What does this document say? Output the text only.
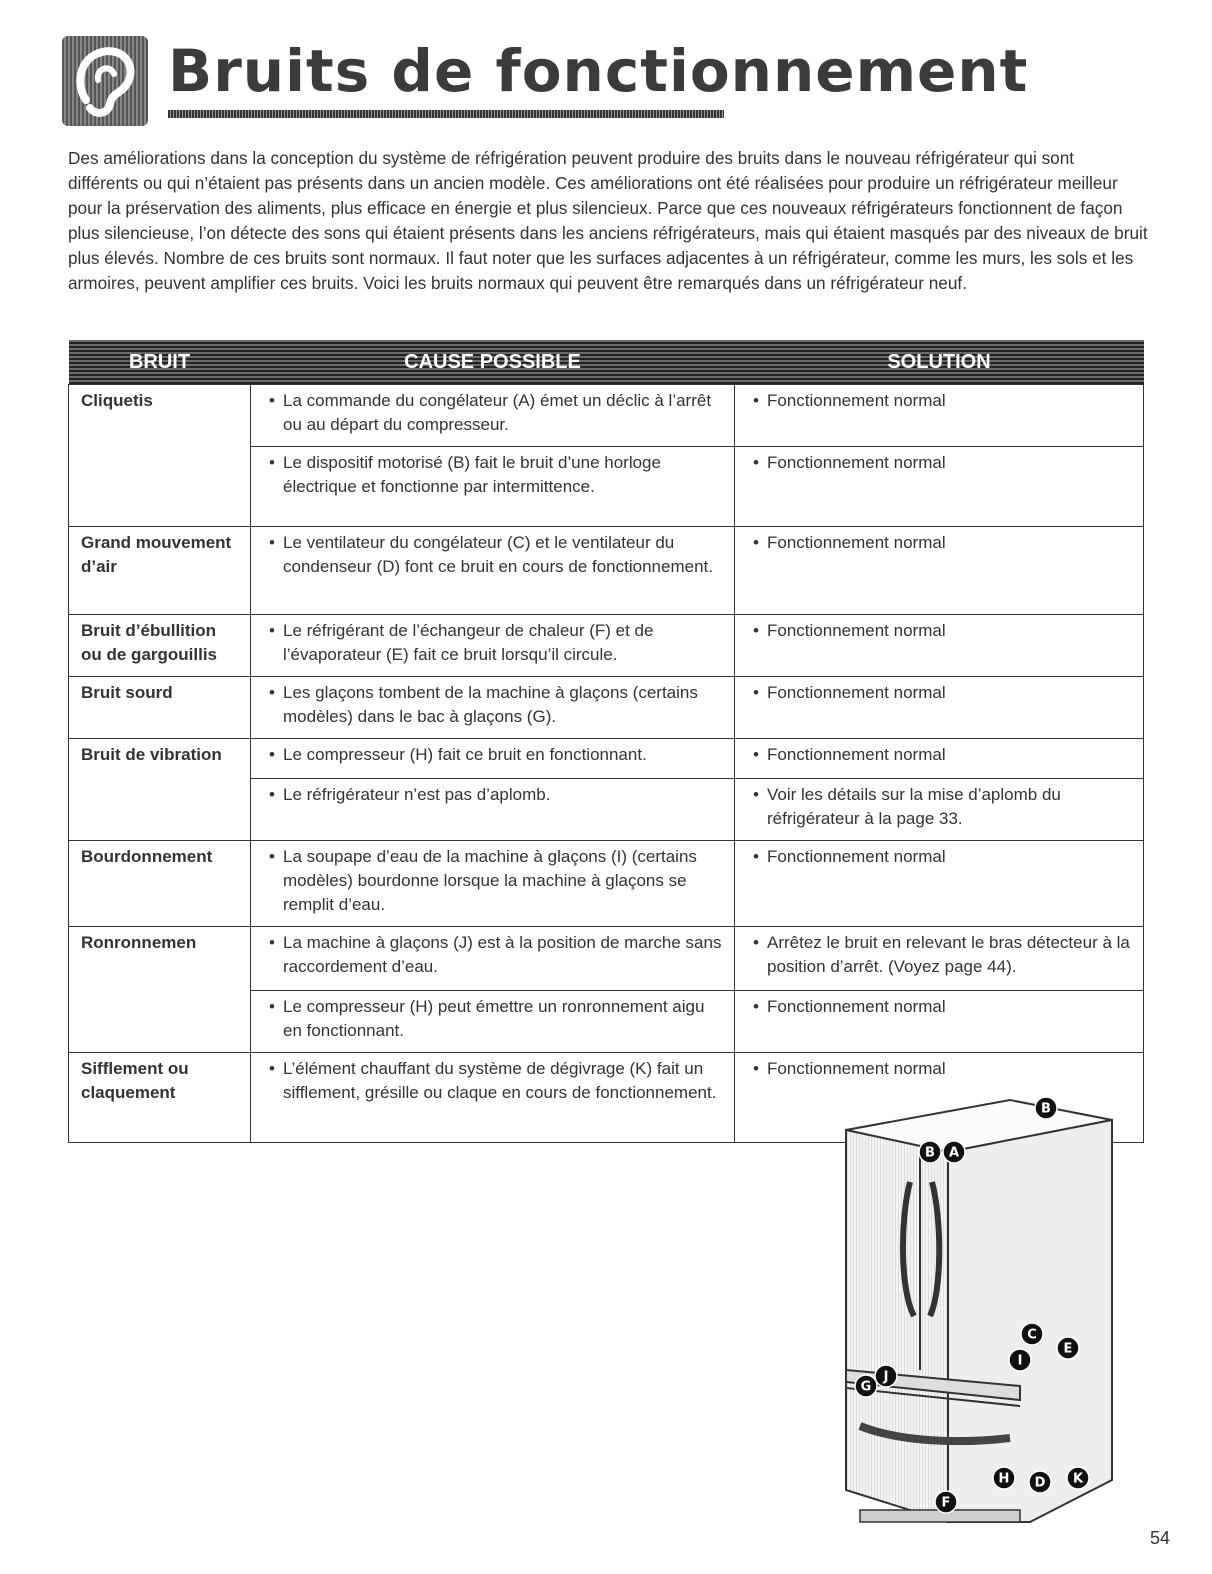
Bruits de fonctionnement

Des améliorations dans la conception du système de réfrigération peuvent produire des bruits dans le nouveau réfrigérateur qui sont différents ou qui n’étaient pas présents dans un ancien modèle. Ces améliorations ont été réalisées pour produire un réfrigérateur meilleur pour la préservation des aliments, plus efficace en énergie et plus silencieux. Parce que ces nouveaux réfrigérateurs fonctionnent de façon plus silencieuse, l’on détecte des sons qui étaient présents dans les anciens réfrigérateurs, mais qui étaient masqués par des niveaux de bruit plus élevés. Nombre de ces bruits sont normaux. Il faut noter que les surfaces adjacentes à un réfrigérateur, comme les murs, les sols et les armoires, peuvent amplifier ces bruits. Voici les bruits normaux qui peuvent être remarqués dans un réfrigérateur neuf.

BRUIT	CAUSE POSSIBLE	SOLUTION
Cliquetis	• La commande du congélateur (A) émet un déclic à l’arrêt ou au départ du compresseur.	• Fonctionnement normal

	• Le dispositif motorisé (B) fait le bruit d’une horloge électrique et fonctionne par intermittence.	• Fonctionnement normal

Grand mouvement d’air	• Le ventilateur du congélateur (C) et le ventilateur du condenseur (D) font ce bruit en cours de fonctionnement.	• Fonctionnement normal

Bruit d’ébullition ou de gargouillis	• Le réfrigérant de l’échangeur de chaleur (F) et de l’évaporateur (E) fait ce bruit lorsqu’il circule.	• Fonctionnement normal

Bruit sourd	• Les glaçons tombent de la machine à glaçons (certains modèles) dans le bac à glaçons (G).	• Fonctionnement normal

Bruit de vibration	• Le compresseur (H) fait ce bruit en fonctionnant.	• Fonctionnement normal

	• Le réfrigérateur n’est pas d’aplomb.	• Voir les détails sur la mise d’aplomb du réfrigérateur à la page 33.

Bourdonnement	• La soupape d’eau de la machine à glaçons (I) (certains modèles) bourdonne lorsque la machine à glaçons se remplit d’eau.	• Fonctionnement normal

Ronronnemen	• La machine à glaçons (J) est à la position de marche sans raccordement d’eau.	• Arrêtez le bruit en relevant le bras détecteur à la position d’arrêt. (Voyez page 44).

	• Le compresseur (H) peut émettre un ronronnement aigu en fonctionnant.	• Fonctionnement normal

Sifflement ou claquement	• L’élément chauffant du système de dégivrage (K) fait un sifflement, grésille ou claque en cours de fonctionnement.	• Fonctionnement normal
B
A
B
C
E
I
G
J
H D K
F
54
